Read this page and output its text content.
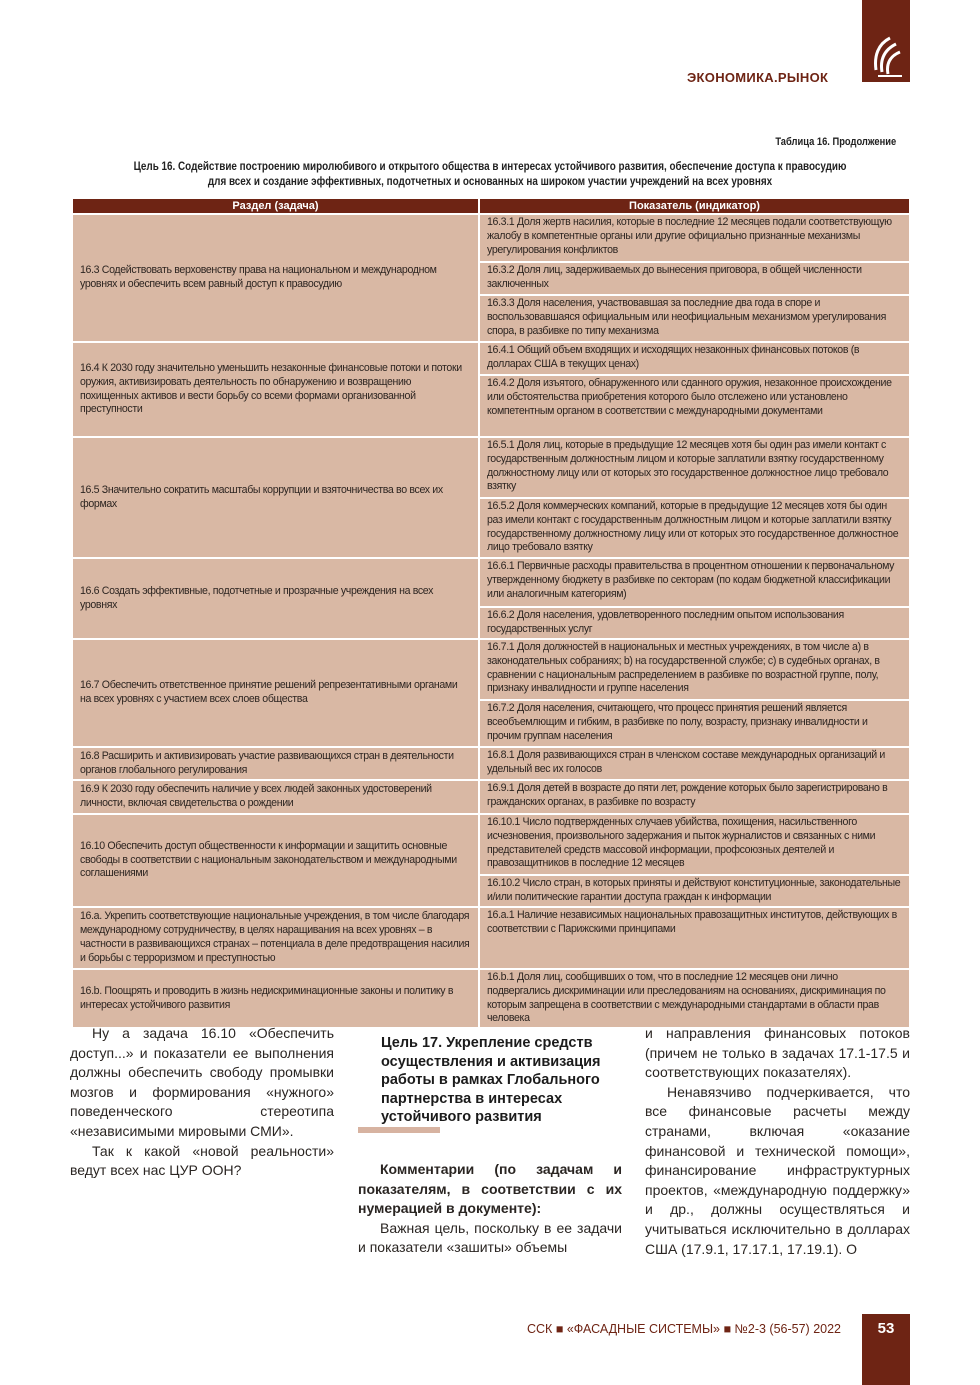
ЭКОНОМИКА.РЫНОК
Таблица 16. Продолжение
Цель 16. Содействие построению миролюбивого и открытого общества в интересах устойчивого развития, обеспечение доступа к правосудию
для всех и создание эффективных, подотчетных и основанных на широком участии учреждений на всех уровнях
Раздел (задача)	Показатель (индикатор)
16.3 Содействовать верховенству права на национальном и международном уровнях и обеспечить всем равный доступ к правосудию	16.3.1 Доля жертв насилия, которые в последние 12 месяцев подали соответствующую жалобу в компетентные органы или другие официально признанные механизмы урегулирования конфликтов
	16.3.2 Доля лиц, задерживаемых до вынесения приговора, в общей численности заключенных
	16.3.3 Доля населения, участвовавшая за последние два года в споре и воспользовавшаяся официальным или неофициальным механизмом урегулирования спора, в разбивке по типу механизма
16.4 К 2030 году значительно уменьшить незаконные финансовые потоки и потоки оружия, активизировать деятельность по обнаружению и возвращению похищенных активов и вести борьбу со всеми формами организованной преступности	16.4.1 Общий объем входящих и исходящих незаконных финансовых потоков (в долларах США в текущих ценах)
	16.4.2 Доля изъятого, обнаруженного или сданного оружия, незаконное происхождение или обстоятельства приобретения которого было отслежено или установлено компетентным органом в соответствии с международными документами
16.5 Значительно сократить масштабы коррупции и взяточничества во всех их формах	16.5.1 Доля лиц, которые в предыдущие 12 месяцев хотя бы один раз имели контакт с государственным должностным лицом и которые заплатили взятку государственному должностному лицу или от которых это государственное должностное лицо требовало взятку
	16.5.2 Доля коммерческих компаний, которые в предыдущие 12 месяцев хотя бы один раз имели контакт с государственным должностным лицом и которые заплатили взятку государственному должностному лицу или от которых это государственное должностное лицо требовало взятку
16.6 Создать эффективные, подотчетные и прозрачные учреждения на всех уровнях	16.6.1 Первичные расходы правительства в процентном отношении к первоначальному утвержденному бюджету в разбивке по секторам (по кодам бюджетной классификации или аналогичным категориям)
	16.6.2 Доля населения, удовлетворенного последним опытом использования государственных услуг
16.7 Обеспечить ответственное принятие решений репрезентативными органами на всех уровнях с участием всех слоев общества	16.7.1 Доля должностей в национальных и местных учреждениях, в том числе a) в законодательных собраниях; b) на государственной службе; c) в судебных органах, в сравнении с национальным распределением в разбивке по возрастной группе, полу, признаку инвалидности и группе населения
	16.7.2 Доля населения, считающего, что процесс принятия решений является всеобъемлющим и гибким, в разбивке по полу, возрасту, признаку инвалидности и прочим группам населения
16.8 Расширить и активизировать участие развивающихся стран в деятельности органов глобального регулирования	16.8.1 Доля развивающихся стран в членском составе международных организаций и удельный вес их голосов
16.9 К 2030 году обеспечить наличие у всех людей законных удостоверений личности, включая свидетельства о рождении	16.9.1 Доля детей в возрасте до пяти лет, рождение которых было зарегистрировано в гражданских органах, в разбивке по возрасту
16.10 Обеспечить доступ общественности к информации и защитить основные свободы в соответствии с национальным законодательством и международными соглашениями	16.10.1 Число подтвержденных случаев убийства, похищения, насильственного исчезновения, произвольного задержания и пыток журналистов и связанных с ними представителей средств массовой информации, профсоюзных деятелей и правозащитников в последние 12 месяцев
	16.10.2 Число стран, в которых приняты и действуют конституционные, законодательные и/или политические гарантии доступа граждан к информации
16.a. Укрепить соответствующие национальные учреждения, в том числе благодаря международному сотрудничеству, в целях наращивания на всех уровнях – в частности в развивающихся странах – потенциала в деле предотвращения насилия и борьбы с терроризмом и преступностью	16.a.1 Наличие независимых национальных правозащитных институтов, действующих в соответствии с Парижскими принципами
16.b. Поощрять и проводить в жизнь недискриминационные законы и политику в интересах устойчивого развития	16.b.1 Доля лиц, сообщивших о том, что в последние 12 месяцев они лично подвергались дискриминации или преследованиям на основаниях, дискриминация по которым запрещена в соответствии с международными стандартами в области прав человека

Ну а задача 16.10 «Обеспечить доступ...» и показатели ее выполнения должны обеспечить свободу промывки мозгов и формирования «нужного» поведенческого стереотипа «независимыми мировыми СМИ».

Так к какой «новой реальности» ведут всех нас ЦУР ООН?

Цель 17. Укрепление средств осуществления и активизация работы в рамках Глобального партнерства в интересах устойчивого развития

Комментарии (по задачам и показателям, в соответствии с их нумерацией в документе):

Важная цель, поскольку в ее задачи и показатели «зашиты» объемы

и направления финансовых потоков (причем не только в задачах 17.1-17.5 и соответствующих показателях).

Ненавязчиво подчеркивается, что все финансовые расчеты между странами, включая «оказание финансовой и технической помощи», финансирование инфраструктурных проектов, «международную поддержку» и др., должны осуществляться и учитываться исключительно в долларах США (17.9.1, 17.17.1, 17.19.1). О

ССК ■ «ФАСАДНЫЕ СИСТЕМЫ» ■ №2-3 (56-57) 2022	53
